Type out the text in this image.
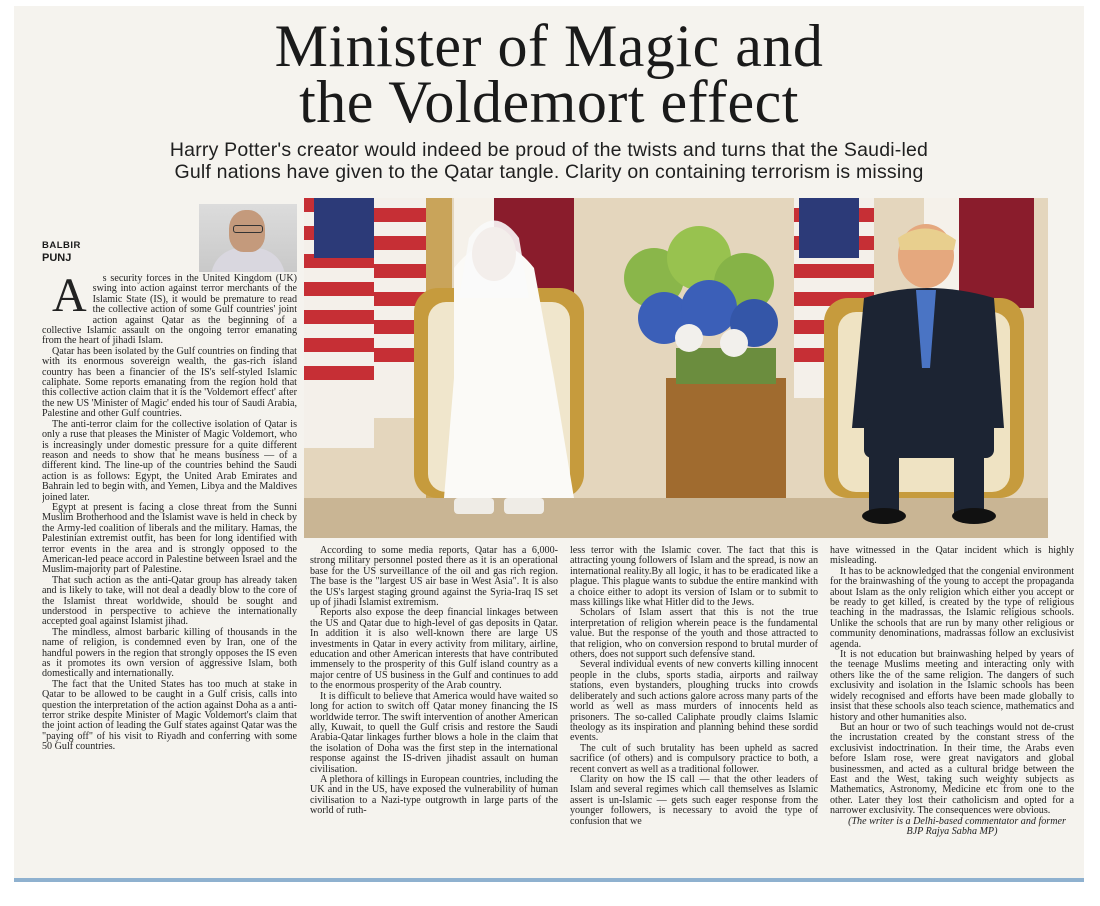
Minister of Magic and
the Voldemort effect
Harry Potter's creator would indeed be proud of the twists and turns that the Saudi-led
Gulf nations have given to the Qatar tangle. Clarity on containing terrorism is missing
BALBIR
PUNJ

A s security forces in the United Kingdom (UK) swing into action against terror merchants of the Islamic State (IS), it would be premature to read the collective action of some Gulf countries' joint action against Qatar as the beginning of a collective Islamic assault on the ongoing terror emanating from the heart of jihadi Islam.

Qatar has been isolated by the Gulf countries on finding that with its enormous sovereign wealth, the gas-rich island country has been a financier of the IS's self-styled Islamic caliphate. Some reports emanating from the region hold that this collective action claim that it is the 'Voldemort effect' after the new US 'Minister of Magic' ended his tour of Saudi Arabia, Palestine and other Gulf countries.

The anti-terror claim for the collective isolation of Qatar is only a ruse that pleases the Minister of Magic Voldemort, who is increasingly under domestic pressure for a quite different reason and needs to show that he means business — of a different kind. The line-up of the countries behind the Saudi action is as follows: Egypt, the United Arab Emirates and Bahrain led to begin with, and Yemen, Libya and the Maldives joined later.

Egypt at present is facing a close threat from the Sunni Muslim Brotherhood and the Islamist wave is held in check by the Army-led coalition of liberals and the military. Hamas, the Palestinian extremist outfit, has been for long identified with terror events in the area and is strongly opposed to the American-led peace accord in Palestine between Israel and the Muslim-majority part of Palestine.

That such action as the anti-Qatar group has already taken and is likely to take, will not deal a deadly blow to the core of the Islamist threat worldwide, should be sought and understood in perspective to achieve the internationally accepted goal against Islamist jihad.

The mindless, almost barbaric killing of thousands in the name of religion, is condemned even by Iran, one of the handful powers in the region that strongly opposes the IS even as it promotes its own version of aggressive Islam, both domestically and internationally.

The fact that the United States has too much at stake in Qatar to be allowed to be caught in a Gulf crisis, calls into question the interpretation of the action against Doha as a anti-terror strike despite Minister of Magic Voldemort's claim that the joint action of leading the Gulf states against Qatar was the "paying off" of his visit to Riyadh and conferring with some 50 Gulf countries.

According to some media reports, Qatar has a 6,000-strong military personnel posted there as it is an operational base for the US surveillance of the oil and gas rich region. The base is the "largest US air base in West Asia". It is also the US's largest staging ground against the Syria-Iraq IS set up of jihadi Islamist extremism.

Reports also expose the deep financial linkages between the US and Qatar due to high-level of gas deposits in Qatar. In addition it is also well-known there are large US investments in Qatar in every activity from military, airline, education and other American interests that have contributed immensely to the prosperity of this Gulf island country as a major centre of US business in the Gulf and continues to add to the enormous prosperity of the Arab country.

It is difficult to believe that America would have waited so long for action to switch off Qatar money financing the IS worldwide terror. The swift intervention of another American ally, Kuwait, to quell the Gulf crisis and restore the Saudi Arabia-Qatar linkages further blows a hole in the claim that the isolation of Doha was the first step in the international response against the IS-driven jihadist assault on human civilisation.

A plethora of killings in European countries, including the UK and in the US, have exposed the vulnerability of human civilisation to a Nazi-type outgrowth in large parts of the world of ruth-

less terror with the Islamic cover. The fact that this is attracting young followers of Islam and the spread, is now an international reality.By all logic, it has to be eradicated like a plague. This plague wants to subdue the entire mankind with a choice either to adopt its version of Islam or to submit to mass killings like what Hitler did to the Jews.

Scholars of Islam assert that this is not the true interpretation of religion wherein peace is the fundamental value. But the response of the youth and those attracted to that religion, who on conversion respond to brutal murder of others, does not support such defensive stand.

Several individual events of new converts killing innocent people in the clubs, sports stadia, airports and railway stations, even bystanders, ploughing trucks into crowds deliberately and such actions galore across many parts of the world as well as mass murders of innocents held as prisoners. The so-called Caliphate proudly claims Islamic theology as its inspiration and planning behind these sordid events.

The cult of such brutality has been upheld as sacred sacrifice (of others) and is compulsory practice to both, a recent convert as well as a traditional follower.

Clarity on how the IS call — that the other leaders of Islam and several regimes which call themselves as Islamic assert is un-Islamic — gets such eager response from the younger followers, is necessary to avoid the type of confusion that we

have witnessed in the Qatar incident which is highly misleading.

It has to be acknowledged that the congenial environment for the brainwashing of the young to accept the propaganda about Islam as the only religion which either you accept or be ready to get killed, is created by the type of religious teaching in the madrassas, the Islamic religious schools. Unlike the schools that are run by many other religious or community denominations, madrassas follow an exclusivist agenda.

It is not education but brainwashing helped by years of the teenage Muslims meeting and interacting only with others like the of the same religion. The dangers of such exclusivity and isolation in the Islamic schools has been widely recognised and efforts have been made globally to insist that these schools also teach science, mathematics and history and other humanities also.

But an hour or two of such teachings would not de-crust the incrustation created by the constant stress of the exclusivist indoctrination. In their time, the Arabs even before Islam rose, were great navigators and global businessmen, and acted as a cultural bridge between the East and the West, taking such weighty subjects as Mathematics, Astronomy, Medicine etc from one to the other. Later they lost their catholicism and opted for a narrower exclusivity. The consequences were obvious.

(The writer is a Delhi-based commentator and former BJP Rajya Sabha MP)
